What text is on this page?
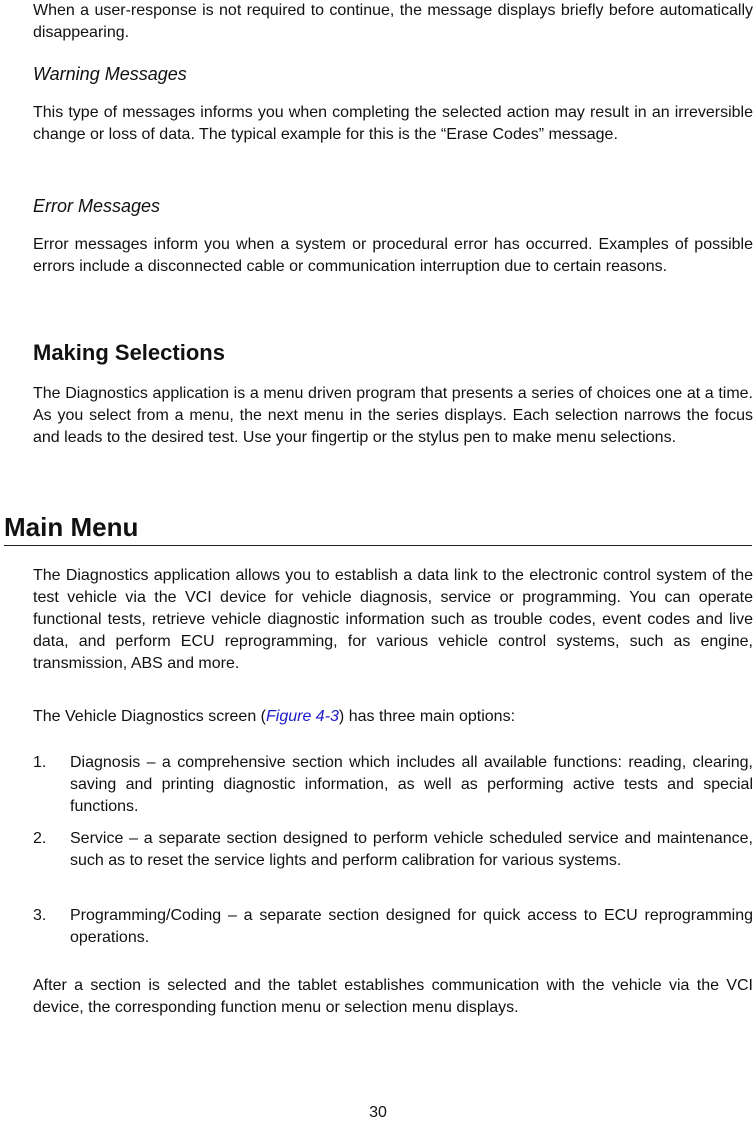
When a user-response is not required to continue, the message displays briefly before automatically disappearing.

Warning Messages

This type of messages informs you when completing the selected action may result in an irreversible change or loss of data. The typical example for this is the “Erase Codes” message.

Error Messages

Error messages inform you when a system or procedural error has occurred. Examples of possible errors include a disconnected cable or communication interruption due to certain reasons.

Making Selections

The Diagnostics application is a menu driven program that presents a series of choices one at a time. As you select from a menu, the next menu in the series displays. Each selection narrows the focus and leads to the desired test. Use your fingertip or the stylus pen to make menu selections.

Main Menu

The Diagnostics application allows you to establish a data link to the electronic control system of the test vehicle via the VCI device for vehicle diagnosis, service or programming. You can operate functional tests, retrieve vehicle diagnostic information such as trouble codes, event codes and live data, and perform ECU reprogramming, for various vehicle control systems, such as engine, transmission, ABS and more.

The Vehicle Diagnostics screen (Figure 4-3) has three main options:

1.	Diagnosis – a comprehensive section which includes all available functions: reading, clearing, saving and printing diagnostic information, as well as performing active tests and special functions.

2.	Service – a separate section designed to perform vehicle scheduled service and maintenance, such as to reset the service lights and perform calibration for various systems.

3.	Programming/Coding – a separate section designed for quick access to ECU reprogramming operations.

After a section is selected and the tablet establishes communication with the vehicle via the VCI device, the corresponding function menu or selection menu displays.

30
